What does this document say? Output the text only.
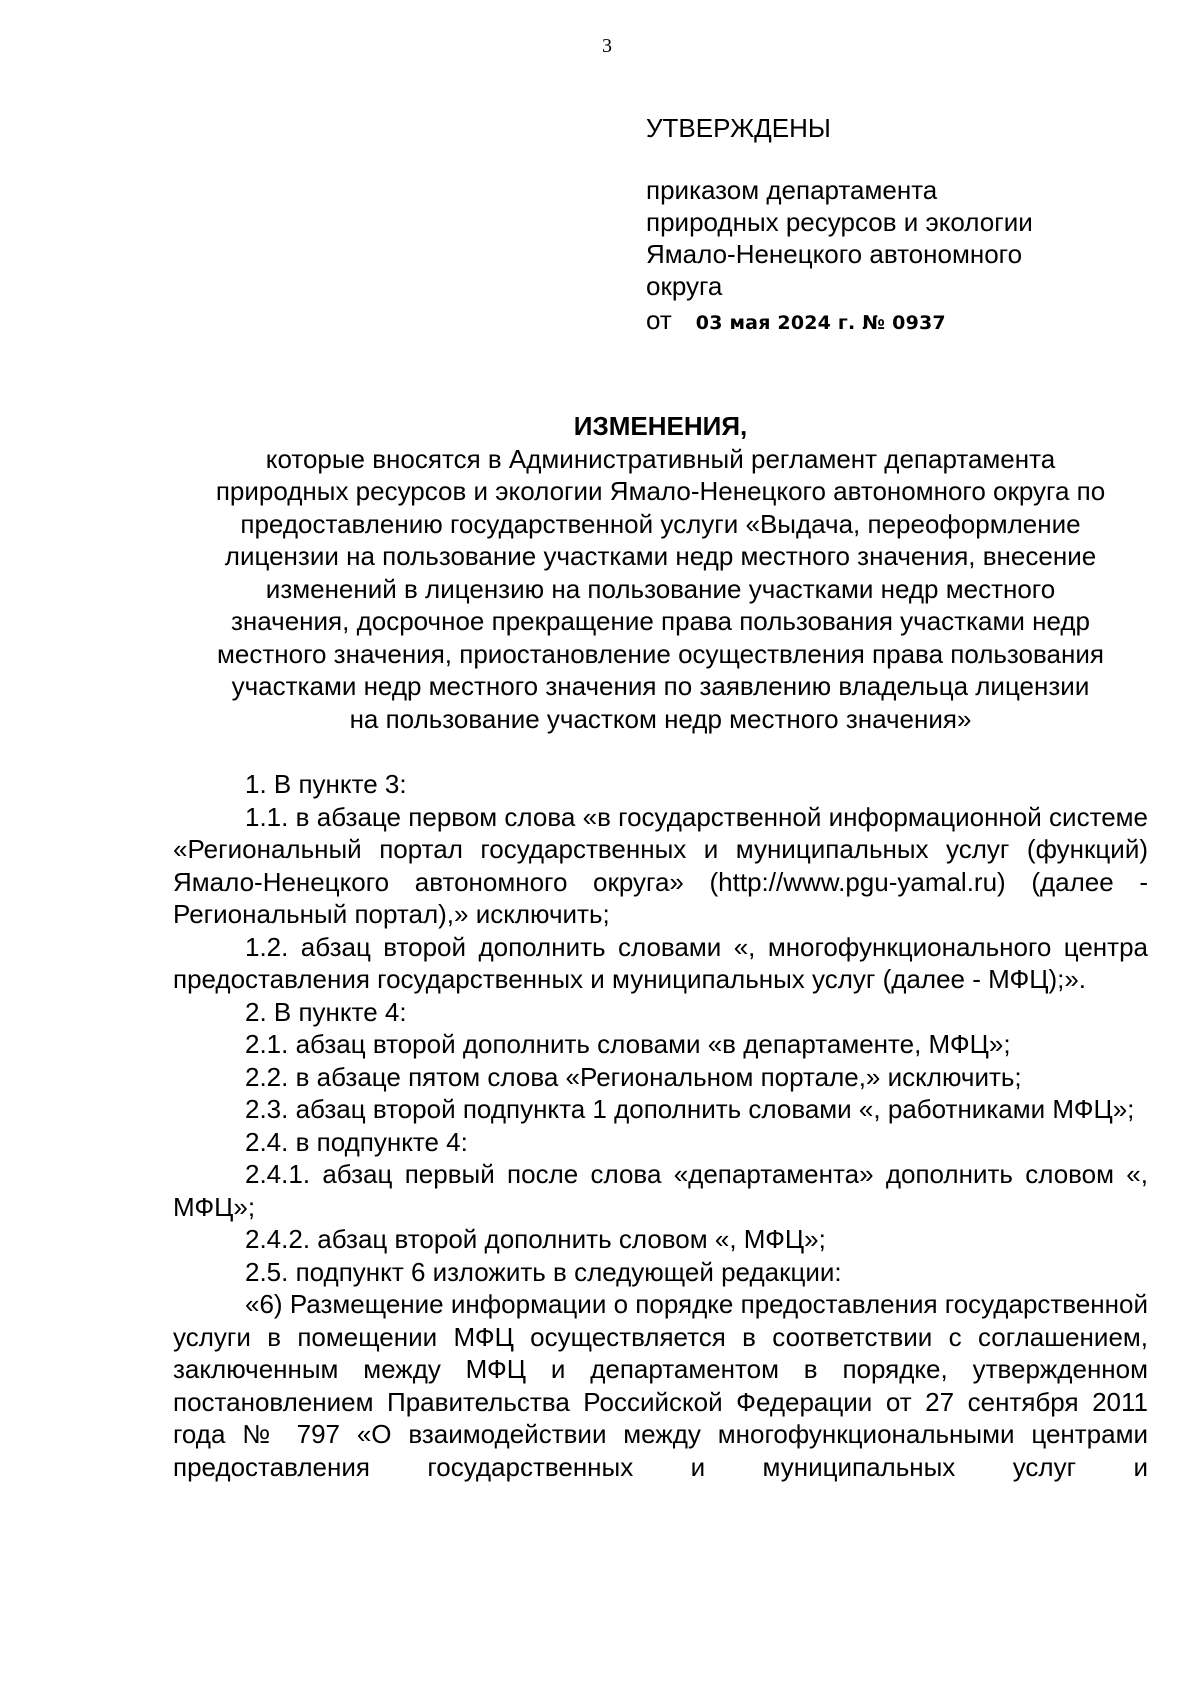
3
УТВЕРЖДЕНЫ
приказом департамента
природных ресурсов и экологии
Ямало-Ненецкого автономного
округа
от 03 мая 2024 г. № 0937
ИЗМЕНЕНИЯ,
которые вносятся в Административный регламент департамента
природных ресурсов и экологии Ямало-Ненецкого автономного округа по
предоставлению государственной услуги «Выдача, переоформление
лицензии на пользование участками недр местного значения, внесение
изменений в лицензию на пользование участками недр местного
значения, досрочное прекращение права пользования участками недр
местного значения, приостановление осуществления права пользования
участками недр местного значения по заявлению владельца лицензии
на пользование участком недр местного значения»

1. В пункте 3:

1.1. в абзаце первом слова «в государственной информационной системе «Региональный портал государственных и муниципальных услуг (функций) Ямало-Ненецкого автономного округа» (http://www.pgu-yamal.ru) (далее - Региональный портал),» исключить;

1.2. абзац второй дополнить словами «, многофункционального центра предоставления государственных и муниципальных услуг (далее - МФЦ);».

2. В пункте 4:

2.1. абзац второй дополнить словами «в департаменте, МФЦ»;

2.2. в абзаце пятом слова «Региональном портале,» исключить;

2.3. абзац второй подпункта 1 дополнить словами «, работниками МФЦ»;

2.4. в подпункте 4:

2.4.1. абзац первый после слова «департамента» дополнить словом «, МФЦ»;

2.4.2. абзац второй дополнить словом «, МФЦ»;

2.5. подпункт 6 изложить в следующей редакции:

«6) Размещение информации о порядке предоставления государственной услуги в помещении МФЦ осуществляется в соответствии с соглашением, заключенным между МФЦ и департаментом в порядке, утвержденном постановлением Правительства Российской Федерации от 27 сентября 2011 года № 797 «О взаимодействии между многофункциональными центрами предоставления государственных и муниципальных услуг и
